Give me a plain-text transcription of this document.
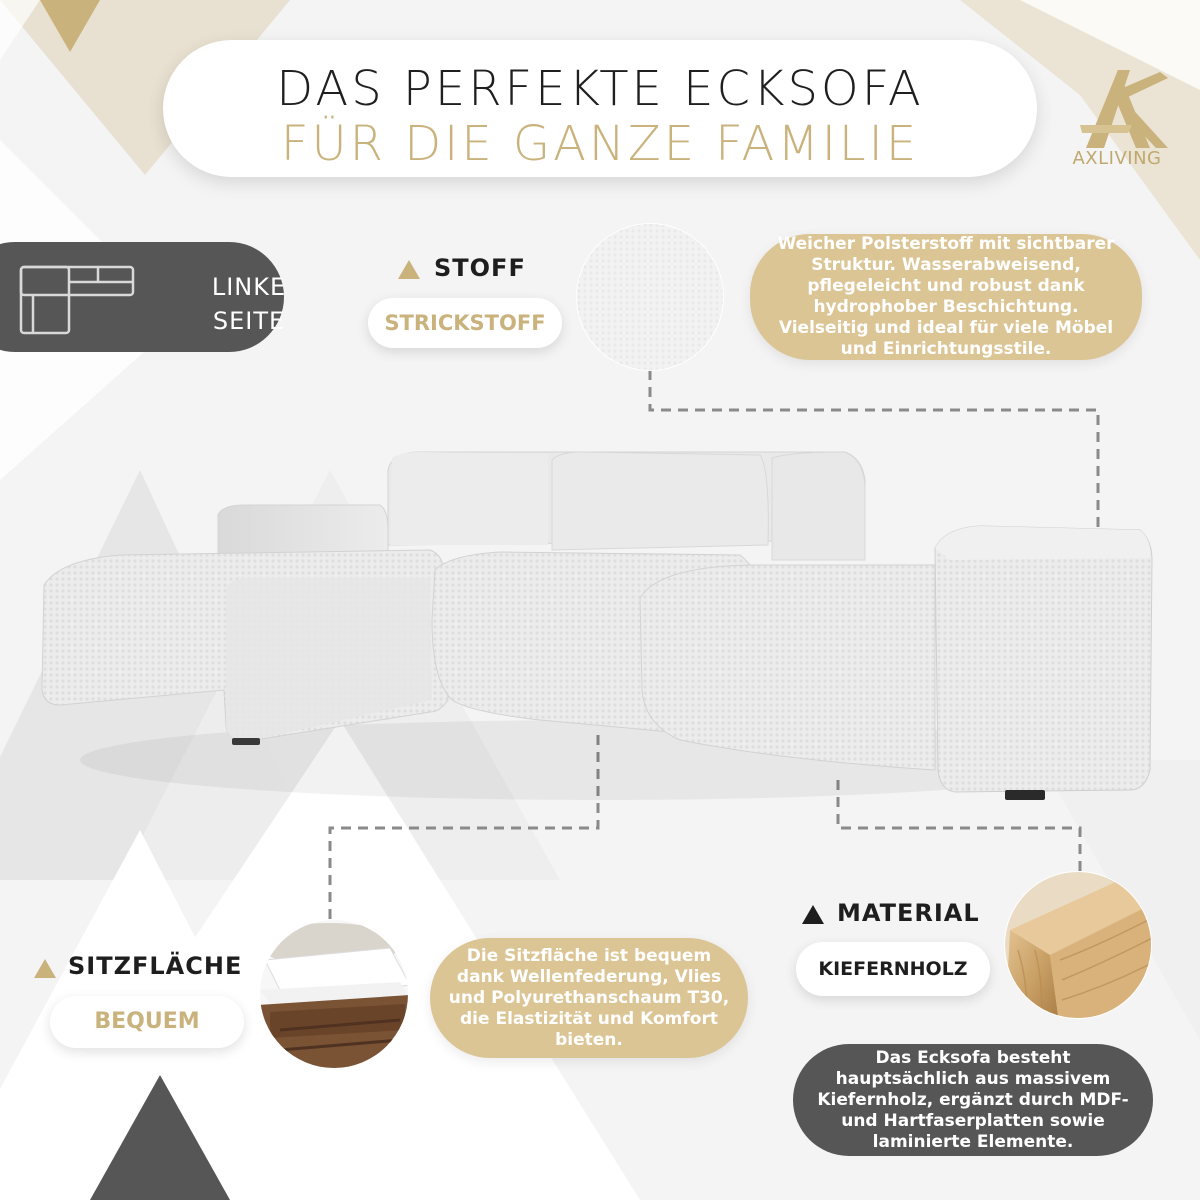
DAS PERFEKTE ECKSOFA
FÜR DIE GANZE FAMILIE	AXLIVING
LINKE SEITE
STOFF
STRICKSTOFF
Weicher Polsterstoff mit sichtbarer Struktur. Wasserabweisend, pflegeleicht und robust dank hydrophober Beschichtung. Vielseitig und ideal für viele Möbel und Einrichtungsstile.
SITZFLÄCHE
BEQUEM
Die Sitzfläche ist bequem dank Wellenfederung, Vlies und Polyurethanschaum T30, die Elastizität und Komfort bieten.
MATERIAL
KIEFERNHOLZ
Das Ecksofa besteht hauptsächlich aus massivem Kiefernholz, ergänzt durch MDF- und Hartfaserplatten sowie laminierte Elemente.
